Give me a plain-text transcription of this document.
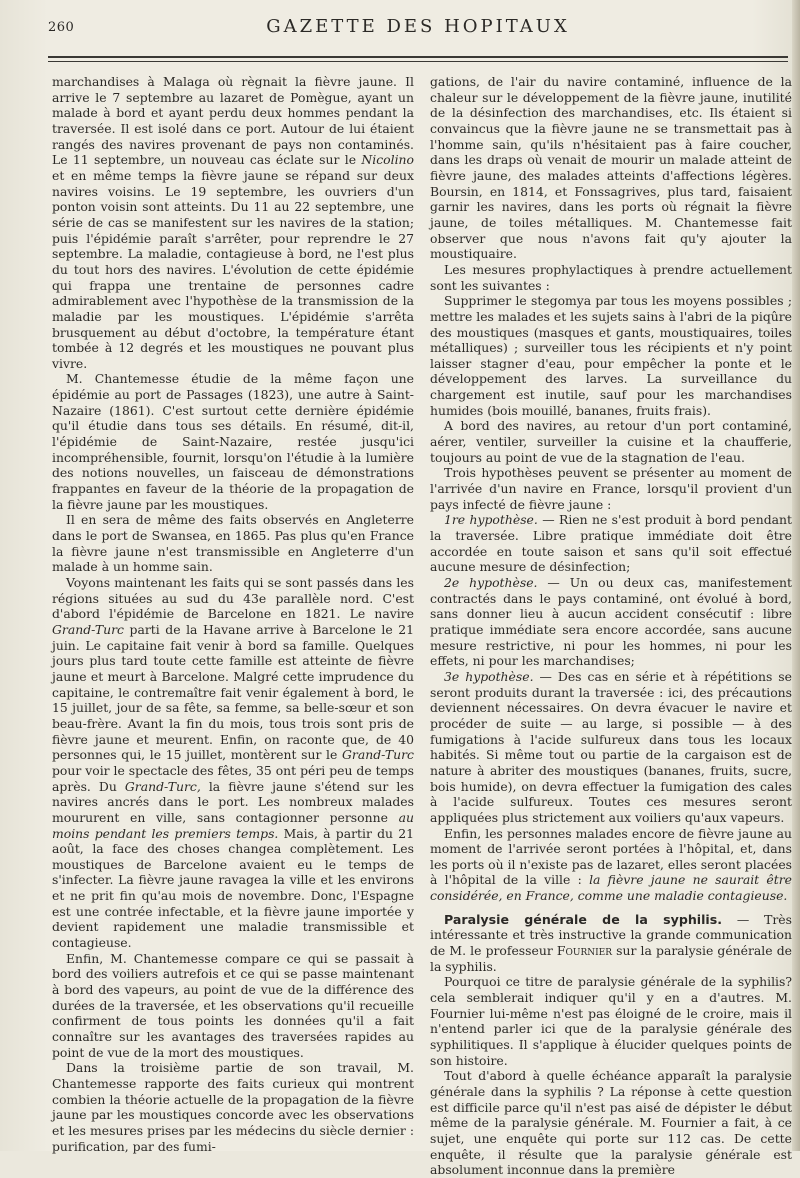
260	GAZETTE DES HOPITAUX

marchandises à Malaga où règnait la fièvre jaune. Il arrive le 7 septembre au lazaret de Pomègue, ayant un malade à bord et ayant perdu deux hommes pendant la traversée. Il est isolé dans ce port. Autour de lui étaient rangés des navires provenant de pays non contaminés. Le 11 septembre, un nouveau cas éclate sur le Nicolino et en même temps la fièvre jaune se répand sur deux navires voisins. Le 19 septembre, les ouvriers d'un ponton voisin sont atteints. Du 11 au 22 septembre, une série de cas se manifestent sur les navires de la station; puis l'épidémie paraît s'arrêter, pour reprendre le 27 septembre. La maladie, contagieuse à bord, ne l'est plus du tout hors des navires. L'évolution de cette épidémie qui frappa une trentaine de personnes cadre admirablement avec l'hypothèse de la transmission de la maladie par les moustiques. L'épidémie s'arrêta brusquement au début d'octobre, la température étant tombée à 12 degrés et les moustiques ne pouvant plus vivre.

M. Chantemesse étudie de la même façon une épidémie au port de Passages (1823), une autre à Saint-Nazaire (1861). C'est surtout cette dernière épidémie qu'il étudie dans tous ses détails. En résumé, dit-il, l'épidémie de Saint-Nazaire, restée jusqu'ici incompréhensible, fournit, lorsqu'on l'étudie à la lumière des notions nouvelles, un faisceau de démonstrations frappantes en faveur de la théorie de la propagation de la fièvre jaune par les moustiques.

Il en sera de même des faits observés en Angleterre dans le port de Swansea, en 1865. Pas plus qu'en France la fièvre jaune n'est transmissible en Angleterre d'un malade à un homme sain.

Voyons maintenant les faits qui se sont passés dans les régions situées au sud du 43e parallèle nord. C'est d'abord l'épidémie de Barcelone en 1821. Le navire Grand-Turc parti de la Havane arrive à Barcelone le 21 juin. Le capitaine fait venir à bord sa famille. Quelques jours plus tard toute cette famille est atteinte de fièvre jaune et meurt à Barcelone. Malgré cette imprudence du capitaine, le contremaître fait venir également à bord, le 15 juillet, jour de sa fête, sa femme, sa belle-sœur et son beau-frère. Avant la fin du mois, tous trois sont pris de fièvre jaune et meurent. Enfin, on raconte que, de 40 personnes qui, le 15 juillet, montèrent sur le Grand-Turc pour voir le spectacle des fêtes, 35 ont péri peu de temps après. Du Grand-Turc, la fièvre jaune s'étend sur les navires ancrés dans le port. Les nombreux malades moururent en ville, sans contagionner personne au moins pendant les premiers temps. Mais, à partir du 21 août, la face des choses changea complètement. Les moustiques de Barcelone avaient eu le temps de s'infecter. La fièvre jaune ravagea la ville et les environs et ne prit fin qu'au mois de novembre. Donc, l'Espagne est une contrée infectable, et la fièvre jaune importée y devient rapidement une maladie transmissible et contagieuse.

Enfin, M. Chantemesse compare ce qui se passait à bord des voiliers autrefois et ce qui se passe maintenant à bord des vapeurs, au point de vue de la différence des durées de la traversée, et les observations qu'il recueille confirment de tous points les données qu'il a fait connaître sur les avantages des traversées rapides au point de vue de la mort des moustiques.

Dans la troisième partie de son travail, M. Chantemesse rapporte des faits curieux qui montrent combien la théorie actuelle de la propagation de la fièvre jaune par les moustiques concorde avec les observations et les mesures prises par les médecins du siècle dernier : purification, par des fumi-

gations, de l'air du navire contaminé, influence de la chaleur sur le développement de la fièvre jaune, inutilité de la désinfection des marchandises, etc. Ils étaient si convaincus que la fièvre jaune ne se transmettait pas à l'homme sain, qu'ils n'hésitaient pas à faire coucher, dans les draps où venait de mourir un malade atteint de fièvre jaune, des malades atteints d'affections légères. Boursin, en 1814, et Fonssagrives, plus tard, faisaient garnir les navires, dans les ports où régnait la fièvre jaune, de toiles métalliques. M. Chantemesse fait observer que nous n'avons fait qu'y ajouter la moustiquaire.

Les mesures prophylactiques à prendre actuellement sont les suivantes :

Supprimer le stegomya par tous les moyens possibles ; mettre les malades et les sujets sains à l'abri de la piqûre des moustiques (masques et gants, moustiquaires, toiles métalliques) ; surveiller tous les récipients et n'y point laisser stagner d'eau, pour empêcher la ponte et le développement des larves. La surveillance du chargement est inutile, sauf pour les marchandises humides (bois mouillé, bananes, fruits frais).

A bord des navires, au retour d'un port contaminé, aérer, ventiler, surveiller la cuisine et la chaufferie, toujours au point de vue de la stagnation de l'eau.

Trois hypothèses peuvent se présenter au moment de l'arrivée d'un navire en France, lorsqu'il provient d'un pays infecté de fièvre jaune :

1re hypothèse. — Rien ne s'est produit à bord pendant la traversée. Libre pratique immédiate doit être accordée en toute saison et sans qu'il soit effectué aucune mesure de désinfection;

2e hypothèse. — Un ou deux cas, manifestement contractés dans le pays contaminé, ont évolué à bord, sans donner lieu à aucun accident consécutif : libre pratique immédiate sera encore accordée, sans aucune mesure restrictive, ni pour les hommes, ni pour les effets, ni pour les marchandises;

3e hypothèse. — Des cas en série et à répétitions se seront produits durant la traversée : ici, des précautions deviennent nécessaires. On devra évacuer le navire et procéder de suite — au large, si possible — à des fumigations à l'acide sulfureux dans tous les locaux habités. Si même tout ou partie de la cargaison est de nature à abriter des moustiques (bananes, fruits, sucre, bois humide), on devra effectuer la fumigation des cales à l'acide sulfureux. Toutes ces mesures seront appliquées plus strictement aux voiliers qu'aux vapeurs.

Enfin, les personnes malades encore de fièvre jaune au moment de l'arrivée seront portées à l'hôpital, et, dans les ports où il n'existe pas de lazaret, elles seront placées à l'hôpital de la ville : la fièvre jaune ne saurait être considérée, en France, comme une maladie contagieuse.

Paralysie générale de la syphilis. — Très intéressante et très instructive la grande communication de M. le professeur Fournier sur la paralysie générale de la syphilis.

Pourquoi ce titre de paralysie générale de la syphilis? cela semblerait indiquer qu'il y en a d'autres. M. Fournier lui-même n'est pas éloigné de le croire, mais il n'entend parler ici que de la paralysie générale des syphilitiques. Il s'applique à élucider quelques points de son histoire.

Tout d'abord à quelle échéance apparaît la paralysie générale dans la syphilis ? La réponse à cette question est difficile parce qu'il n'est pas aisé de dépister le début même de la paralysie générale. M. Fournier a fait, à ce sujet, une enquête qui porte sur 112 cas. De cette enquête, il résulte que la paralysie générale est absolument inconnue dans la première
